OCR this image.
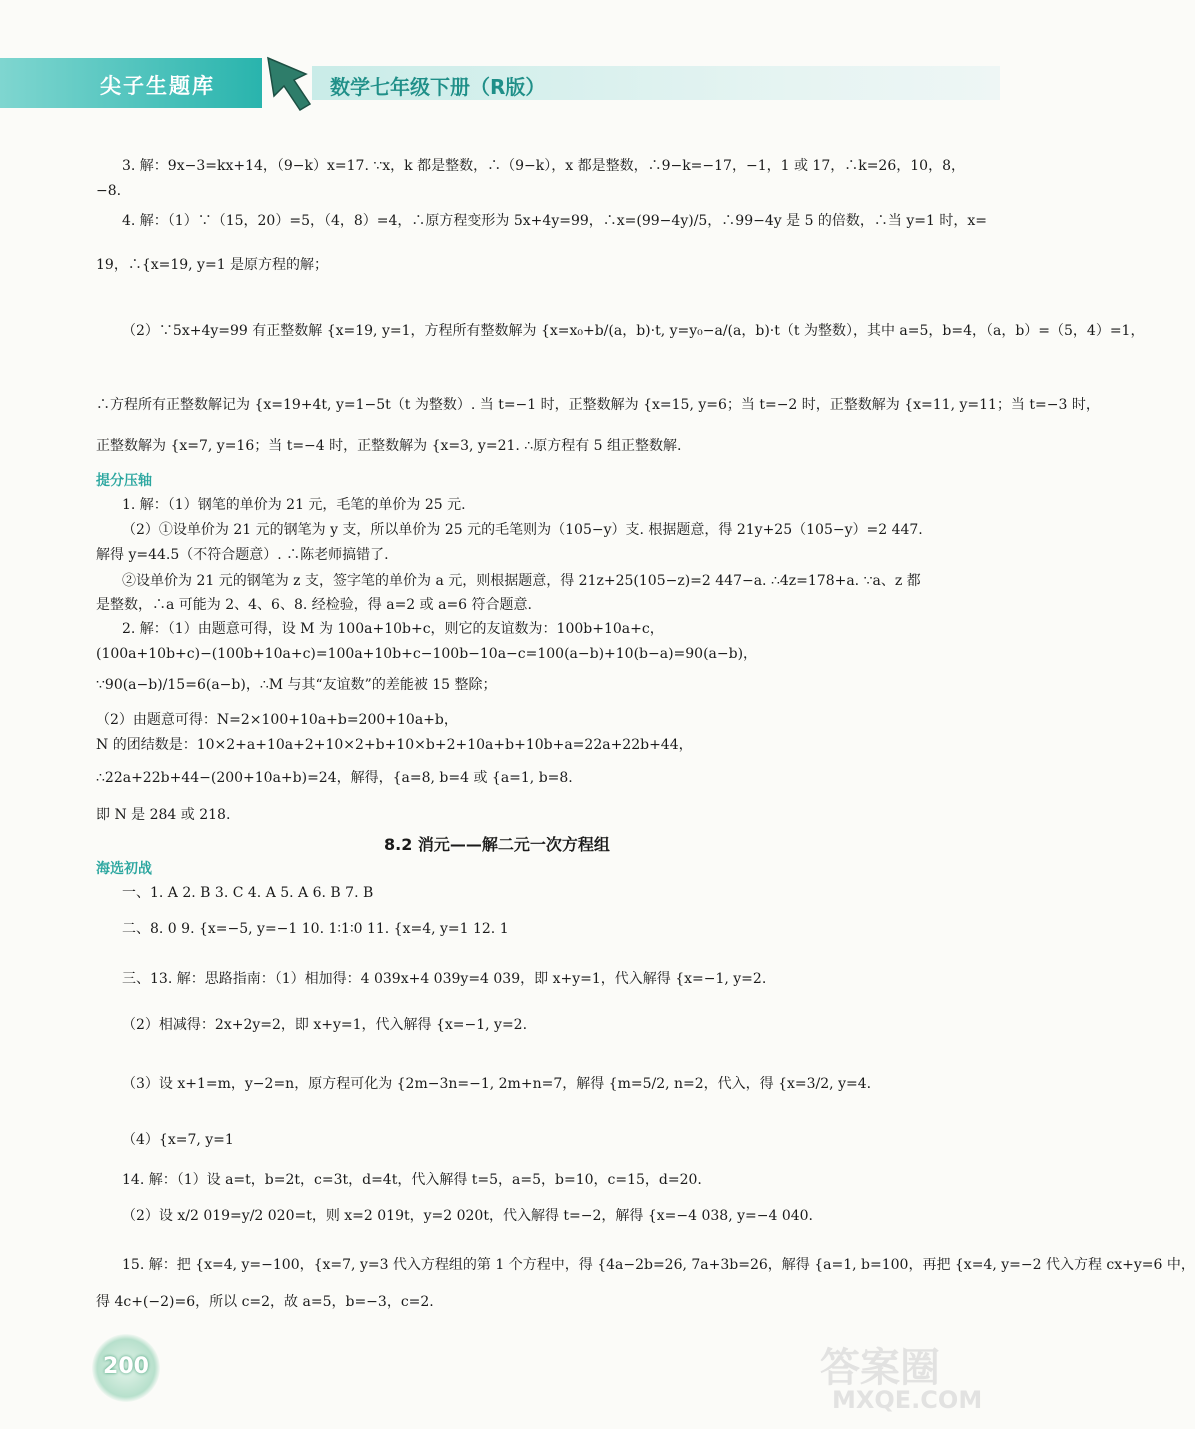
尖子生题库	数学七年级下册（R版）
3. 解：9x−3=kx+14，（9−k）x=17. ∵x，k 都是整数，∴（9−k），x 都是整数，∴9−k=−17，−1，1 或 17，∴k=26，10，8，
−8.
4. 解：（1）∵（15，20）=5，（4，8）=4，∴原方程变形为 5x+4y=99，∴x=(99−4y)/5，∴99−4y 是 5 的倍数，∴当 y=1 时，x=
19，∴{x=19, y=1 是原方程的解；
（2）∵5x+4y=99 有正整数解 {x=19, y=1，方程所有整数解为 {x=x₀+b/(a，b)·t, y=y₀−a/(a，b)·t（t 为整数），其中 a=5，b=4，（a，b）=（5，4）=1，
∴方程所有正整数解记为 {x=19+4t, y=1−5t（t 为整数）. 当 t=−1 时，正整数解为 {x=15, y=6；当 t=−2 时，正整数解为 {x=11, y=11；当 t=−3 时，
正整数解为 {x=7, y=16；当 t=−4 时，正整数解为 {x=3, y=21. ∴原方程有 5 组正整数解.
提分压轴
1. 解：（1）钢笔的单价为 21 元，毛笔的单价为 25 元.
（2）①设单价为 21 元的钢笔为 y 支，所以单价为 25 元的毛笔则为（105−y）支. 根据题意，得 21y+25（105−y）=2 447.
解得 y=44.5（不符合题意）. ∴陈老师搞错了.
②设单价为 21 元的钢笔为 z 支，签字笔的单价为 a 元，则根据题意，得 21z+25(105−z)=2 447−a. ∴4z=178+a. ∵a、z 都
是整数，∴a 可能为 2、4、6、8. 经检验，得 a=2 或 a=6 符合题意.
2. 解：（1）由题意可得，设 M 为 100a+10b+c，则它的友谊数为：100b+10a+c，
(100a+10b+c)−(100b+10a+c)=100a+10b+c−100b−10a−c=100(a−b)+10(b−a)=90(a−b)，
∵90(a−b)/15=6(a−b)，∴M 与其“友谊数”的差能被 15 整除；
（2）由题意可得：N=2×100+10a+b=200+10a+b，
N 的团结数是：10×2+a+10a+2+10×2+b+10×b+2+10a+b+10b+a=22a+22b+44，
∴22a+22b+44−(200+10a+b)=24，解得，{a=8, b=4 或 {a=1, b=8.
即 N 是 284 或 218.
8.2 消元——解二元一次方程组
海选初战
一、1. A 2. B 3. C 4. A 5. A 6. B 7. B
二、8. 0 9. {x=−5, y=−1 10. 1∶1∶0 11. {x=4, y=1 12. 1
三、13. 解：思路指南：（1）相加得：4 039x+4 039y=4 039，即 x+y=1，代入解得 {x=−1, y=2.
（2）相减得：2x+2y=2，即 x+y=1，代入解得 {x=−1, y=2.
（3）设 x+1=m，y−2=n，原方程可化为 {2m−3n=−1, 2m+n=7，解得 {m=5/2, n=2，代入，得 {x=3/2, y=4.
（4）{x=7, y=1
14. 解：（1）设 a=t，b=2t，c=3t，d=4t，代入解得 t=5，a=5，b=10，c=15，d=20.
（2）设 x/2 019=y/2 020=t，则 x=2 019t，y=2 020t，代入解得 t=−2，解得 {x=−4 038, y=−4 040.
15. 解：把 {x=4, y=−100，{x=7, y=3 代入方程组的第 1 个方程中，得 {4a−2b=26, 7a+3b=26，解得 {a=1, b=100，再把 {x=4, y=−2 代入方程 cx+y=6 中，
得 4c+(−2)=6，所以 c=2，故 a=5，b=−3，c=2.
200	答案圈
MXQE.COM
